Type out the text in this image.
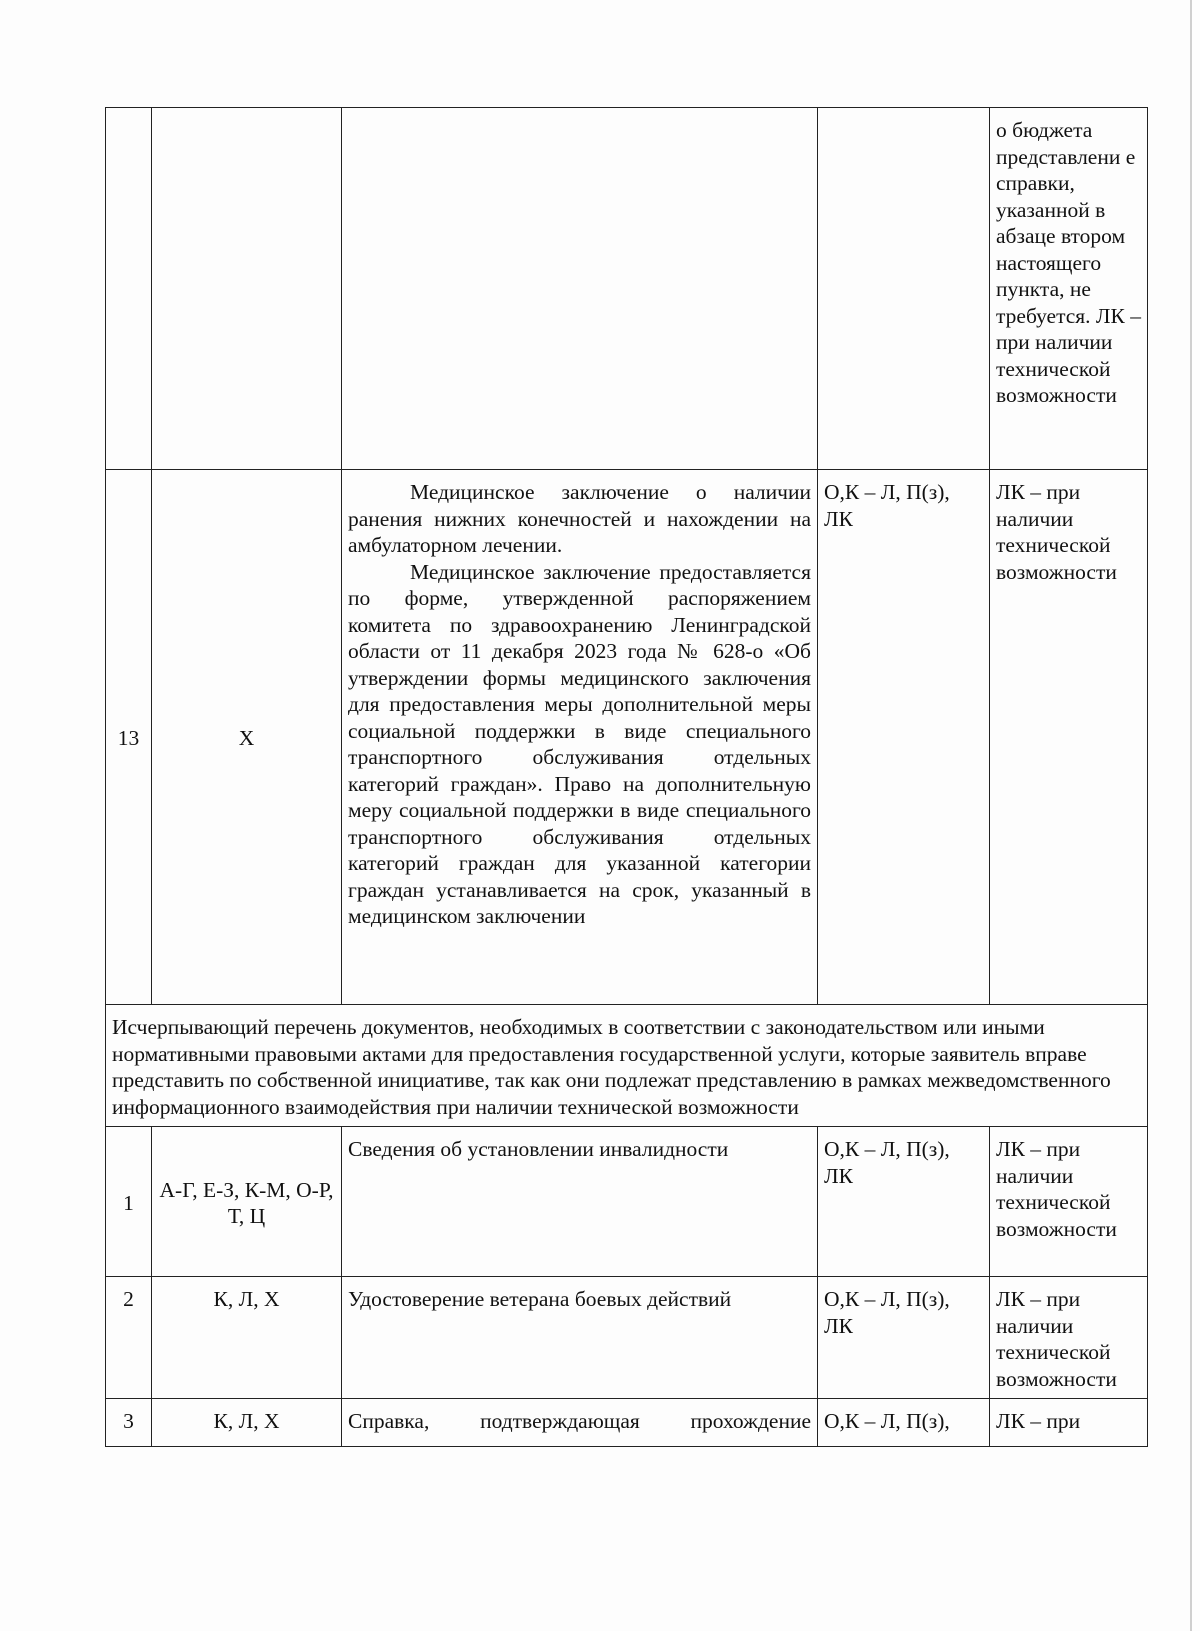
				о бюджета представлени е справки, указанной в абзаце втором настоящего пункта, не требуется. ЛК – при наличии технической возможности
13	Х	Медицинское заключение о наличии ранения нижних конечностей и нахождении на амбулаторном лечении.
Медицинское заключение предоставляется по форме, утвержденной распоряжением комитета по здравоохранению Ленинградской области от 11 декабря 2023 года № 628-о «Об утверждении формы медицинского заключения для предоставления меры дополнительной меры социальной поддержки в виде специального транспортного обслуживания отдельных категорий граждан». Право на дополнительную меру социальной поддержки в виде специального транспортного обслуживания отдельных категорий граждан для указанной категории граждан устанавливается на срок, указанный в медицинском заключении	О,К – Л, П(з), ЛК	ЛК – при наличии технической возможности
Исчерпывающий перечень документов, необходимых в соответствии с законодательством или иными нормативными правовыми актами для предоставления государственной услуги, которые заявитель вправе представить по собственной инициативе, так как они подлежат представлению в рамках межведомственного информационного взаимодействия при наличии технической возможности				
1	А-Г, Е-З, К-М, О-Р, Т, Ц	Сведения об установлении инвалидности	О,К – Л, П(з), ЛК	ЛК – при наличии технической возможности
2	К, Л, Х	Удостоверение ветерана боевых действий	О,К – Л, П(з), ЛК	ЛК – при наличии технической возможности
3	К, Л, Х	Справка, подтверждающая прохождение	О,К – Л, П(з),	ЛК – при
